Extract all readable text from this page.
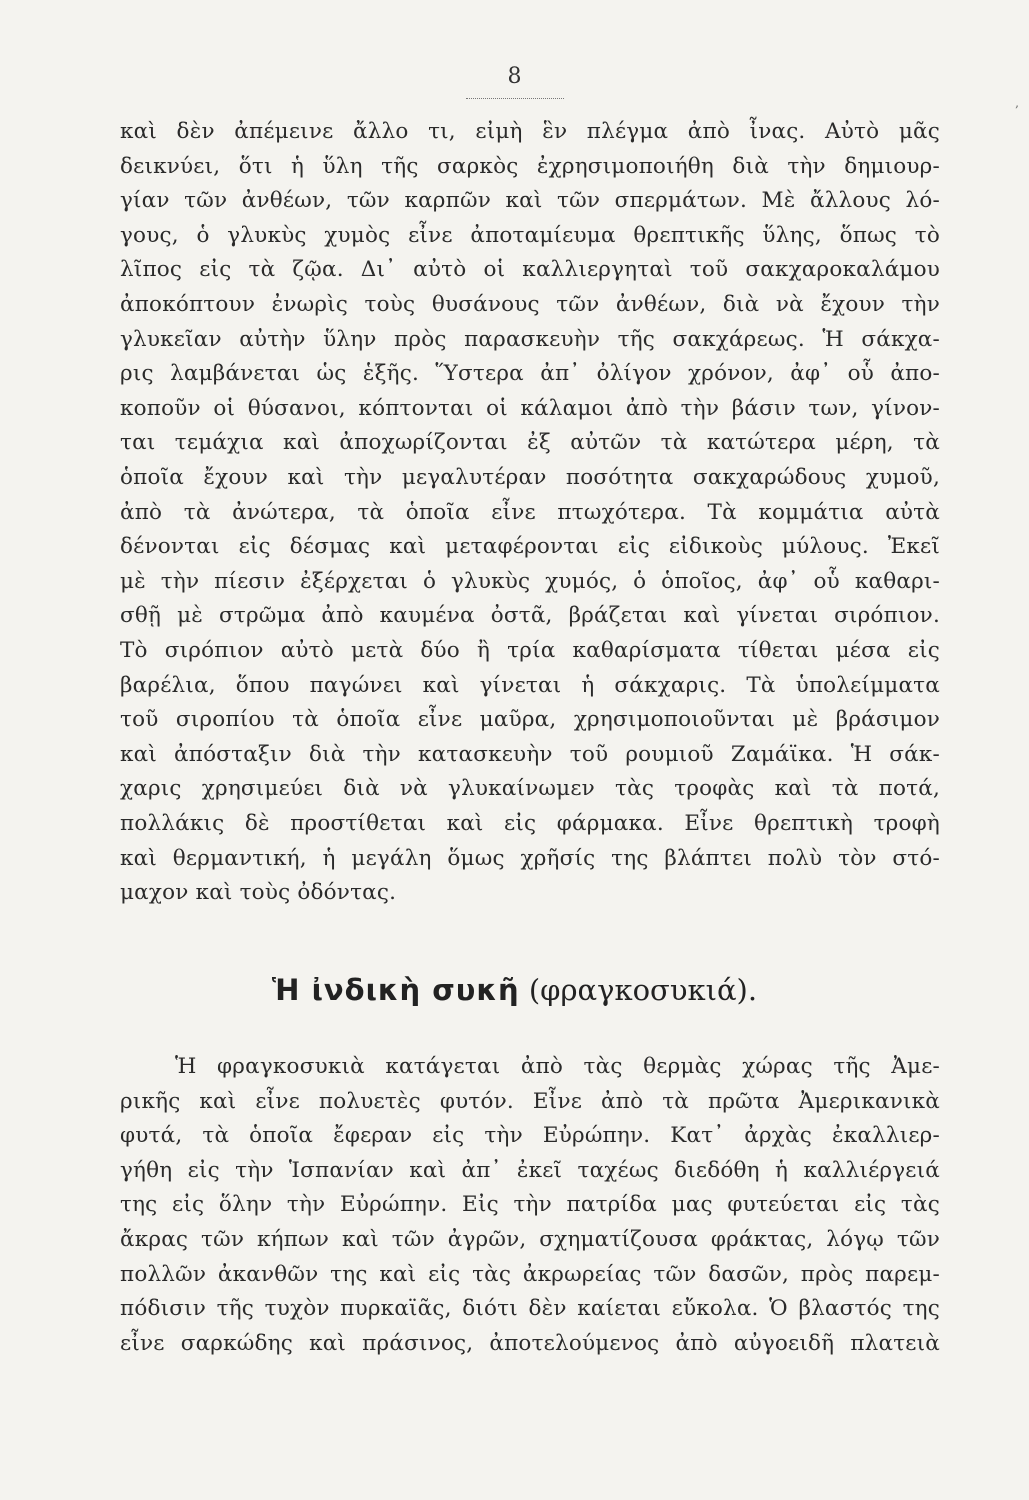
8
,
καὶ δὲν ἀπέμεινε ἄλλο τι, εἰμὴ ἓν πλέγμα ἀπὸ ἶνας. Αὐτὸ μᾶς
δεικνύει, ὅτι ἡ ὕλη τῆς σαρκὸς ἐχρησιμοποιήθη διὰ τὴν δημιουρ-
γίαν τῶν ἀνθέων, τῶν καρπῶν καὶ τῶν σπερμάτων. Μὲ ἄλλους λό-
γους, ὁ γλυκὺς χυμὸς εἶνε ἀποταμίευμα θρεπτικῆς ὕλης, ὅπως τὸ
λῖπος εἰς τὰ ζῷα. Δι᾿ αὐτὸ οἱ καλλιεργηταὶ τοῦ σακχαροκαλάμου
ἀποκόπτουν ἐνωρὶς τοὺς θυσάνους τῶν ἀνθέων, διὰ νὰ ἔχουν τὴν
γλυκεῖαν αὐτὴν ὕλην πρὸς παρασκευὴν τῆς σακχάρεως. Ἡ σάκχα-
ρις λαμβάνεται ὡς ἑξῆς. Ὕστερα ἀπ᾿ ὀλίγον χρόνον, ἀφ᾿ οὗ ἀπο-
κοποῦν οἱ θύσανοι, κόπτονται οἱ κάλαμοι ἀπὸ τὴν βάσιν των, γίνον-
ται τεμάχια καὶ ἀποχωρίζονται ἐξ αὐτῶν τὰ κατώτερα μέρη, τὰ
ὁποῖα ἔχουν καὶ τὴν μεγαλυτέραν ποσότητα σακχαρώδους χυμοῦ,
ἀπὸ τὰ ἀνώτερα, τὰ ὁποῖα εἶνε πτωχότερα. Τὰ κομμάτια αὐτὰ
δένονται εἰς δέσμας καὶ μεταφέρονται εἰς εἰδικοὺς μύλους. Ἐκεῖ
μὲ τὴν πίεσιν ἐξέρχεται ὁ γλυκὺς χυμός, ὁ ὁποῖος, ἀφ᾿ οὗ καθαρι-
σθῇ μὲ στρῶμα ἀπὸ καυμένα ὀστᾶ, βράζεται καὶ γίνεται σιρόπιον.
Τὸ σιρόπιον αὐτὸ μετὰ δύο ἢ τρία καθαρίσματα τίθεται μέσα εἰς
βαρέλια, ὅπου παγώνει καὶ γίνεται ἡ σάκχαρις. Τὰ ὑπολείμματα
τοῦ σιροπίου τὰ ὁποῖα εἶνε μαῦρα, χρησιμοποιοῦνται μὲ βράσιμον
καὶ ἀπόσταξιν διὰ τὴν κατασκευὴν τοῦ ρουμιοῦ Ζαμάϊκα. Ἡ σάκ-
χαρις χρησιμεύει διὰ νὰ γλυκαίνωμεν τὰς τροφὰς καὶ τὰ ποτά,
πολλάκις δὲ προστίθεται καὶ εἰς φάρμακα. Εἶνε θρεπτικὴ τροφὴ
καὶ θερμαντική, ἡ μεγάλη ὅμως χρῆσίς της βλάπτει πολὺ τὸν στό-
μαχον καὶ τοὺς ὀδόντας.
Ἡ ἰνδικὴ συκῆ (φραγκοσυκιά).
Ἡ φραγκοσυκιὰ κατάγεται ἀπὸ τὰς θερμὰς χώρας τῆς Ἀμε-
ρικῆς καὶ εἶνε πολυετὲς φυτόν. Εἶνε ἀπὸ τὰ πρῶτα Ἀμερικανικὰ
φυτά, τὰ ὁποῖα ἔφεραν εἰς τὴν Εὐρώπην. Κατ᾿ ἀρχὰς ἐκαλλιερ-
γήθη εἰς τὴν Ἱσπανίαν καὶ ἀπ᾿ ἐκεῖ ταχέως διεδόθη ἡ καλλιέργειά
της εἰς ὅλην τὴν Εὐρώπην. Εἰς τὴν πατρίδα μας φυτεύεται εἰς τὰς
ἄκρας τῶν κήπων καὶ τῶν ἀγρῶν, σχηματίζουσα φράκτας, λόγῳ τῶν
πολλῶν ἀκανθῶν της καὶ εἰς τὰς ἀκρωρείας τῶν δασῶν, πρὸς παρεμ-
πόδισιν τῆς τυχὸν πυρκαϊᾶς, διότι δὲν καίεται εὔκολα. Ὁ βλαστός της
εἶνε σαρκώδης καὶ πράσινος, ἀποτελούμενος ἀπὸ αὐγοειδῆ πλατειὰ
